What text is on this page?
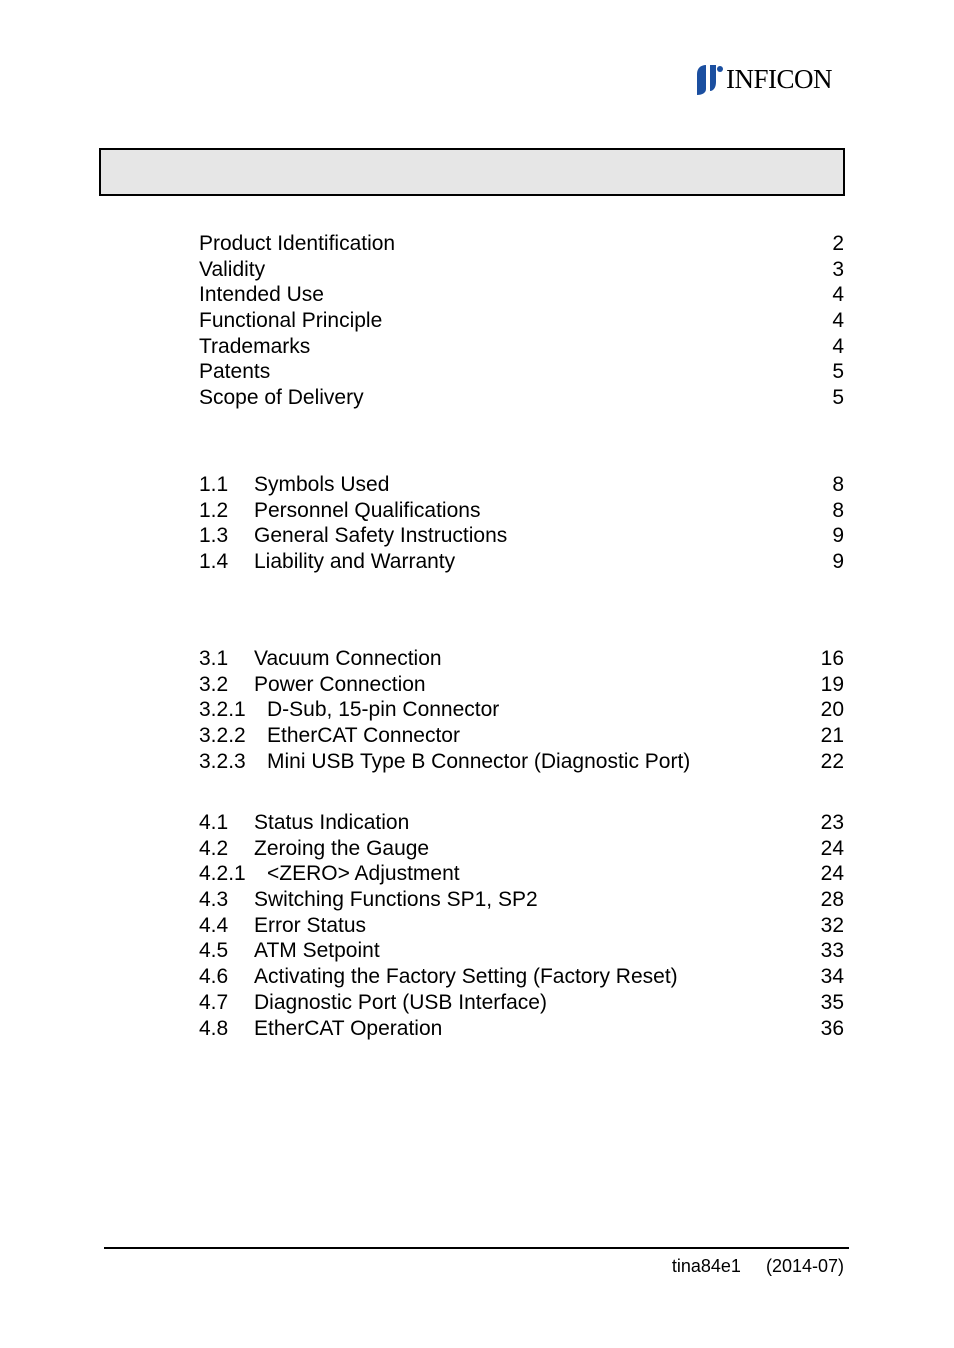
INFICON
Product Identification	2
Validity	3
Intended Use	4
Functional Principle	4
Trademarks	4
Patents	5
Scope of Delivery	5
1.1 Symbols Used	8
1.2 Personnel Qualifications	8
1.3 General Safety Instructions	9
1.4 Liability and Warranty	9
3.1 Vacuum Connection	16
3.2 Power Connection	19
3.2.1 D-Sub, 15-pin Connector	20
3.2.2 EtherCAT Connector	21
3.2.3 Mini USB Type B Connector (Diagnostic Port)	22
4.1 Status Indication	23
4.2 Zeroing the Gauge	24
4.2.1 <ZERO> Adjustment	24
4.3 Switching Functions SP1, SP2	28
4.4 Error Status	32
4.5 ATM Setpoint	33
4.6 Activating the Factory Setting (Factory Reset)	34
4.7 Diagnostic Port (USB Interface)	35
4.8 EtherCAT Operation	36
tina84e1 (2014-07)
